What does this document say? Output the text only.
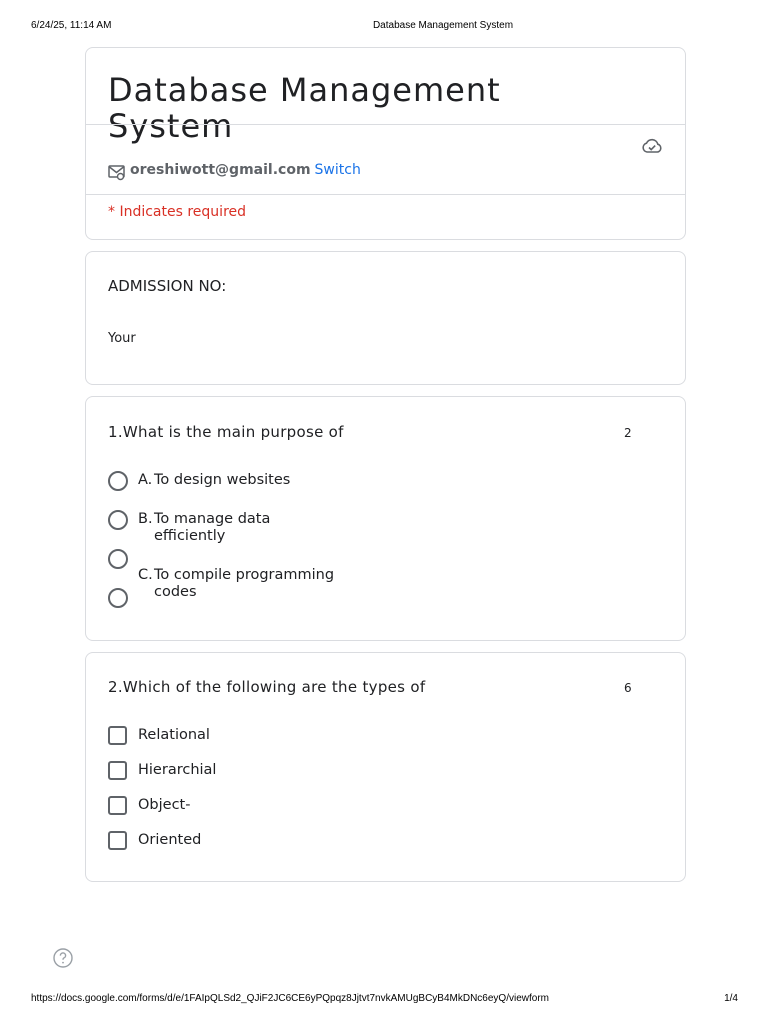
6/24/25, 11:14 AM	Database Management System
Database Management System
oreshiwott@gmail.com Switch
* Indicates required
ADMISSION NO:
Your
1.What is the main purpose of	2
A. To design websites
B. To manage data efficiently
C. To compile programming codes
2.Which of the following are the types of	6
Relational
Hierarchial
Object-
Oriented
https://docs.google.com/forms/d/e/1FAIpQLSd2_QJiF2JC6CE6yPQpqz8Jjtvt7nvkAMUgBCyB4MkDNc6eyQ/viewform	1/4
